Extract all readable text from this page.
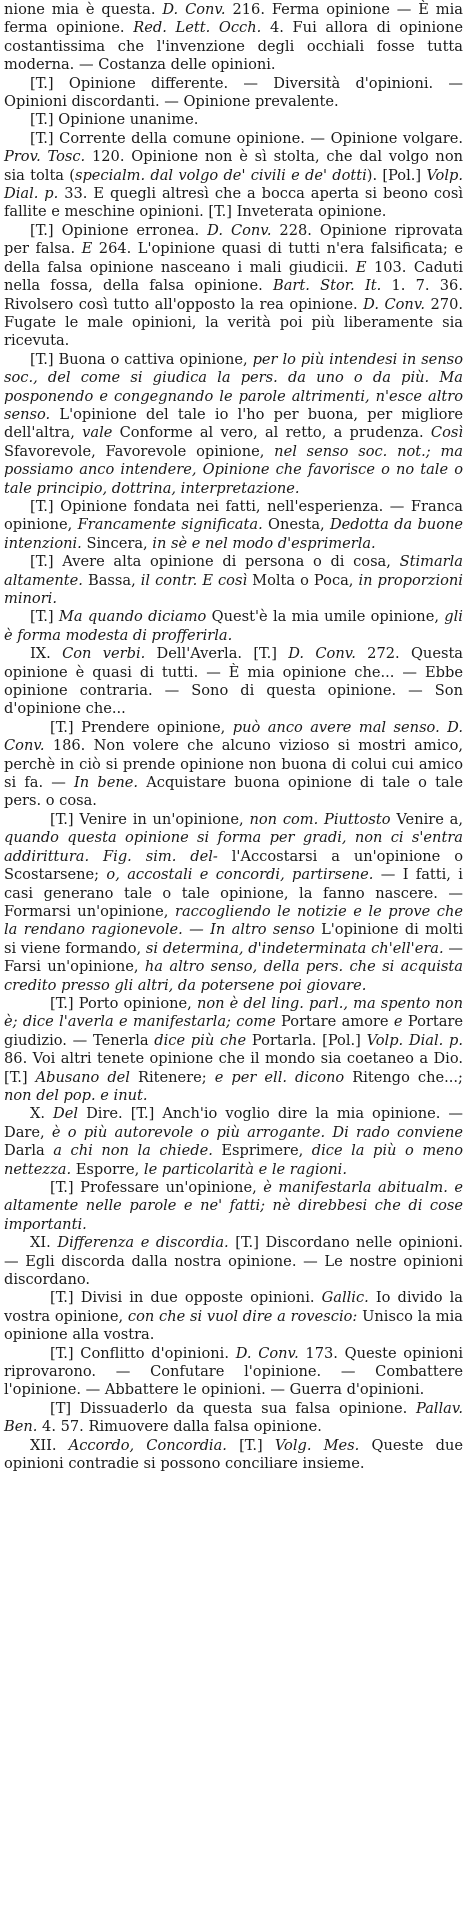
nione mia è questa. D. Conv. 216. Ferma opinione — È mia ferma opinione. Red. Lett. Occh. 4. Fui allora di opinione costantissima che l'invenzione degli occhiali fosse tutta moderna. — Costanza delle opinioni.

[T.] Opinione differente. — Diversità d'opinioni. — Opinioni discordanti. — Opinione prevalente.

[T.] Opinione unanime.

[T.] Corrente della comune opinione. — Opinione volgare. Prov. Tosc. 120. Opinione non è sì stolta, che dal volgo non sia tolta (specialm. dal volgo de' civili e de' dotti). [Pol.] Volp. Dial. p. 33. E quegli altresì che a bocca aperta si beono così fallite e meschine opinioni. [T.] Inveterata opinione.

[T.] Opinione erronea. D. Conv. 228. Opinione riprovata per falsa. E 264. L'opinione quasi di tutti n'era falsificata; e della falsa opinione nasceano i mali giudicii. E 103. Caduti nella fossa, della falsa opinione. Bart. Stor. It. 1. 7. 36. Rivolsero così tutto all'opposto la rea opinione. D. Conv. 270. Fugate le male opinioni, la verità poi più liberamente sia ricevuta.

[T.] Buona o cattiva opinione, per lo più intendesi in senso soc., del come si giudica la pers. da uno o da più. Ma posponendo e congegnando le parole altrimenti, n'esce altro senso. L'opinione del tale io l'ho per buona, per migliore dell'altra, vale Conforme al vero, al retto, a prudenza. Così Sfavorevole, Favorevole opinione, nel senso soc. not.; ma possiamo anco intendere, Opinione che favorisce o no tale o tale principio, dottrina, interpretazione.

[T.] Opinione fondata nei fatti, nell'esperienza. — Franca opinione, Francamente significata. Onesta, Dedotta da buone intenzioni. Sincera, in sè e nel modo d'esprimerla.

[T.] Avere alta opinione di persona o di cosa, Stimarla altamente. Bassa, il contr. E così Molta o Poca, in proporzioni minori.

[T.] Ma quando diciamo Quest'è la mia umile opinione, gli è forma modesta di profferirla.

IX. Con verbi. Dell'Averla. [T.] D. Conv. 272. Questa opinione è quasi di tutti. — È mia opinione che... — Ebbe opinione contraria. — Sono di questa opinione. — Son d'opinione che...

[T.] Prendere opinione, può anco avere mal senso. D. Conv. 186. Non volere che alcuno vizioso si mostri amico, perchè in ciò si prende opinione non buona di colui cui amico si fa. — In bene. Acquistare buona opinione di tale o tale pers. o cosa.

[T.] Venire in un'opinione, non com. Piuttosto Venire a, quando questa opinione si forma per gradi, non ci s'entra addirittura. Fig. sim. del- l'Accostarsi a un'opinione o Scostarsene; o, accostali e concordi, partirsene. — I fatti, i casi generano tale o tale opinione, la fanno nascere. — Formarsi un'opinione, raccogliendo le notizie e le prove che la rendano ragionevole. — In altro senso L'opinione di molti si viene formando, si determina, d'indeterminata ch'ell'era. — Farsi un'opinione, ha altro senso, della pers. che si acquista credito presso gli altri, da potersene poi giovare.

[T.] Porto opinione, non è del ling. parl., ma spento non è; dice l'averla e manifestarla; come Portare amore e Portare giudizio. — Tenerla dice più che Portarla. [Pol.] Volp. Dial. p. 86. Voi altri tenete opinione che il mondo sia coetaneo a Dio. [T.] Abusano del Ritenere; e per ell. dicono Ritengo che...; non del pop. e inut.

X. Del Dire. [T.] Anch'io voglio dire la mia opinione. — Dare, è o più autorevole o più arrogante. Di rado conviene Darla a chi non la chiede. Esprimere, dice la più o meno nettezza. Esporre, le particolarità e le ragioni.

[T.] Professare un'opinione, è manifestarla abitualm. e altamente nelle parole e ne' fatti; nè direbbesi che di cose importanti.

XI. Differenza e discordia. [T.] Discordano nelle opinioni. — Egli discorda dalla nostra opinione. — Le nostre opinioni discordano.

[T.] Divisi in due opposte opinioni. Gallic. Io divido la vostra opinione, con che si vuol dire a rovescio: Unisco la mia opinione alla vostra.

[T.] Conflitto d'opinioni. D. Conv. 173. Queste opinioni riprovarono. — Confutare l'opinione. — Combattere l'opinione. — Abbattere le opinioni. — Guerra d'opinioni.

[T] Dissuaderlo da questa sua falsa opinione. Pallav. Ben. 4. 57. Rimuovere dalla falsa opinione.

XII. Accordo, Concordia. [T.] Volg. Mes. Queste due opinioni contradie si possono conciliare insieme.
